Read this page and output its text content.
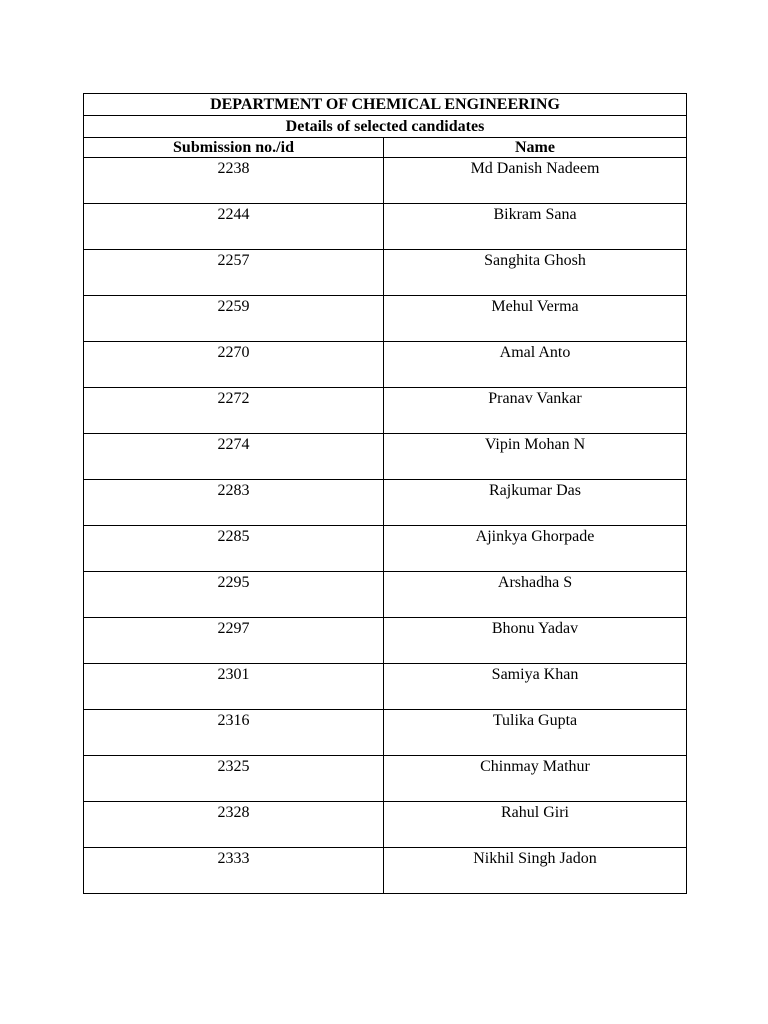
DEPARTMENT OF CHEMICAL ENGINEERING	
Details of selected candidates	
Submission no./id	Name

2238	Md Danish Nadeem

2244	Bikram Sana

2257	Sanghita Ghosh

2259	Mehul Verma

2270	Amal Anto

2272	Pranav Vankar

2274	Vipin Mohan N

2283	Rajkumar Das

2285	Ajinkya Ghorpade

2295	Arshadha S

2297	Bhonu Yadav

2301	Samiya Khan

2316	Tulika Gupta

2325	Chinmay Mathur

2328	Rahul Giri

2333	Nikhil Singh Jadon
